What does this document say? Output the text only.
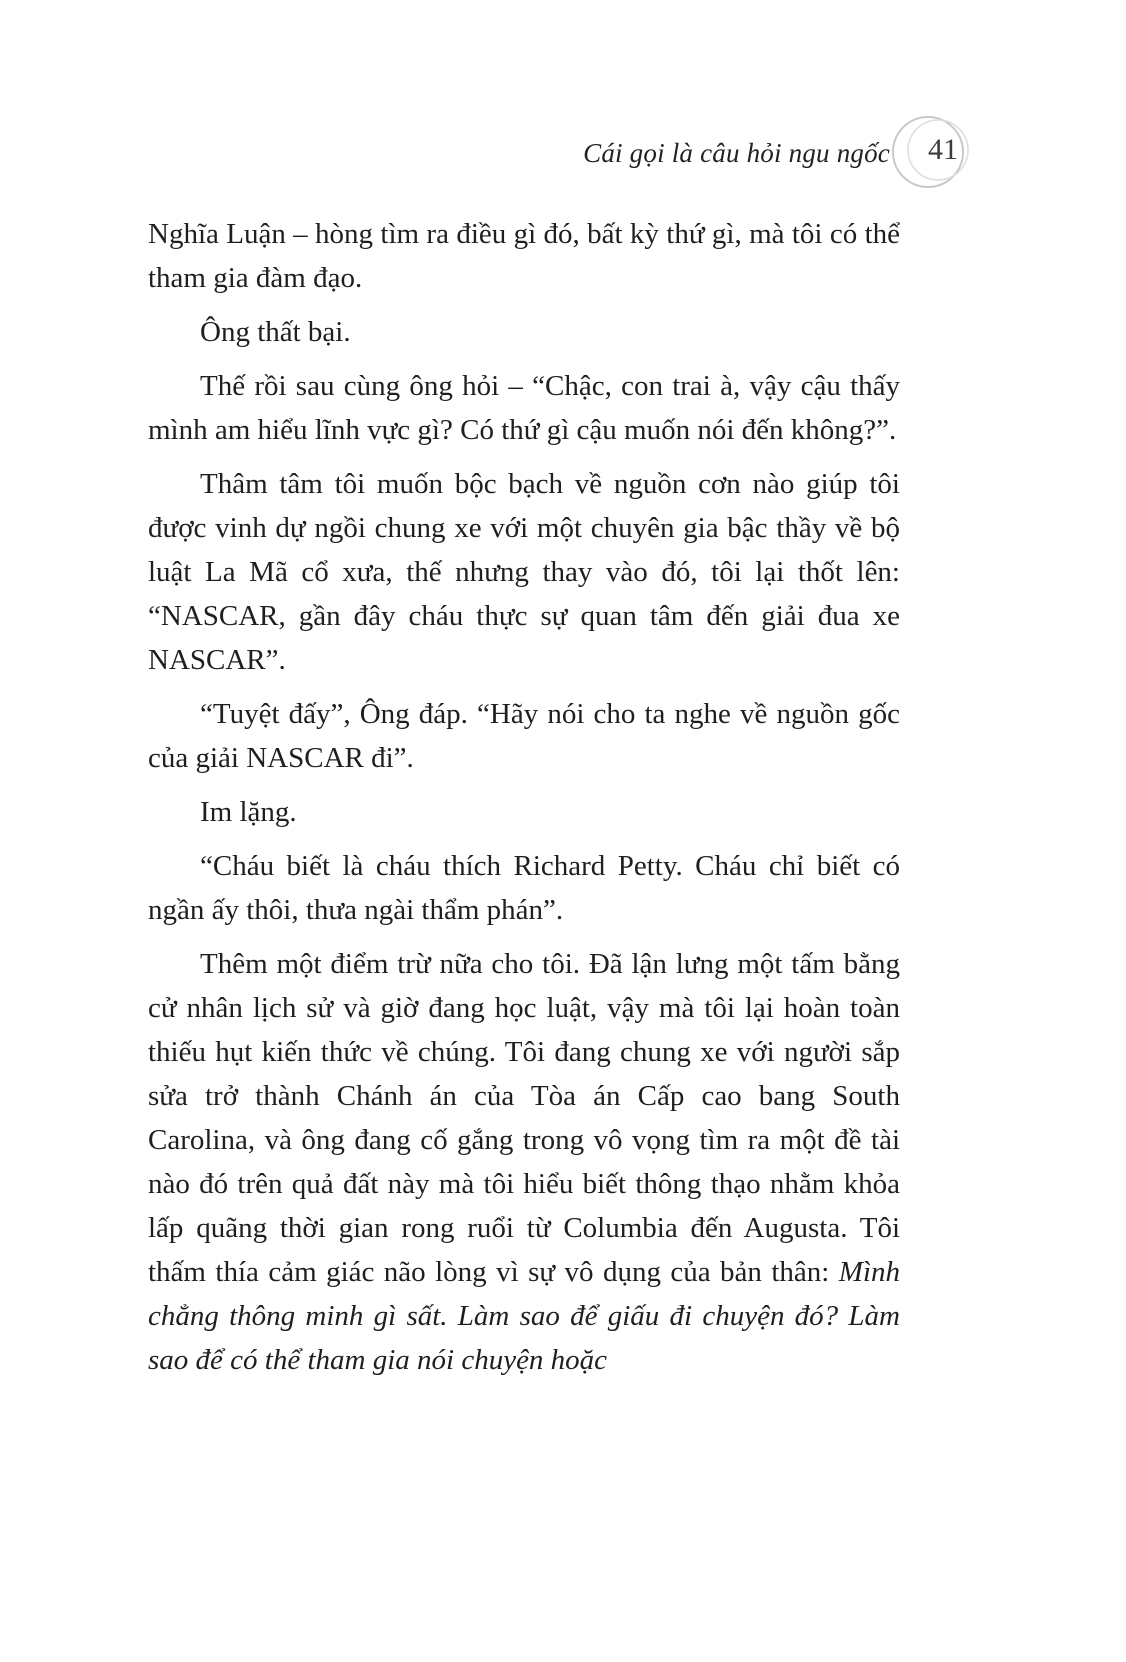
Cái gọi là câu hỏi ngu ngốc 41

Nghĩa Luận – hòng tìm ra điều gì đó, bất kỳ thứ gì, mà tôi có thể tham gia đàm đạo.

Ông thất bại.

Thế rồi sau cùng ông hỏi – “Chậc, con trai à, vậy cậu thấy mình am hiểu lĩnh vực gì? Có thứ gì cậu muốn nói đến không?”.

Thâm tâm tôi muốn bộc bạch về nguồn cơn nào giúp tôi được vinh dự ngồi chung xe với một chuyên gia bậc thầy về bộ luật La Mã cổ xưa, thế nhưng thay vào đó, tôi lại thốt lên: “NASCAR, gần đây cháu thực sự quan tâm đến giải đua xe NASCAR”.

“Tuyệt đấy”, Ông đáp. “Hãy nói cho ta nghe về nguồn gốc của giải NASCAR đi”.

Im lặng.

“Cháu biết là cháu thích Richard Petty. Cháu chỉ biết có ngần ấy thôi, thưa ngài thẩm phán”.

Thêm một điểm trừ nữa cho tôi. Đã lận lưng một tấm bằng cử nhân lịch sử và giờ đang học luật, vậy mà tôi lại hoàn toàn thiếu hụt kiến thức về chúng. Tôi đang chung xe với người sắp sửa trở thành Chánh án của Tòa án Cấp cao bang South Carolina, và ông đang cố gắng trong vô vọng tìm ra một đề tài nào đó trên quả đất này mà tôi hiểu biết thông thạo nhằm khỏa lấp quãng thời gian rong ruổi từ Columbia đến Augusta. Tôi thấm thía cảm giác não lòng vì sự vô dụng của bản thân: Mình chẳng thông minh gì sất. Làm sao để giấu đi chuyện đó? Làm sao để có thể tham gia nói chuyện hoặc
